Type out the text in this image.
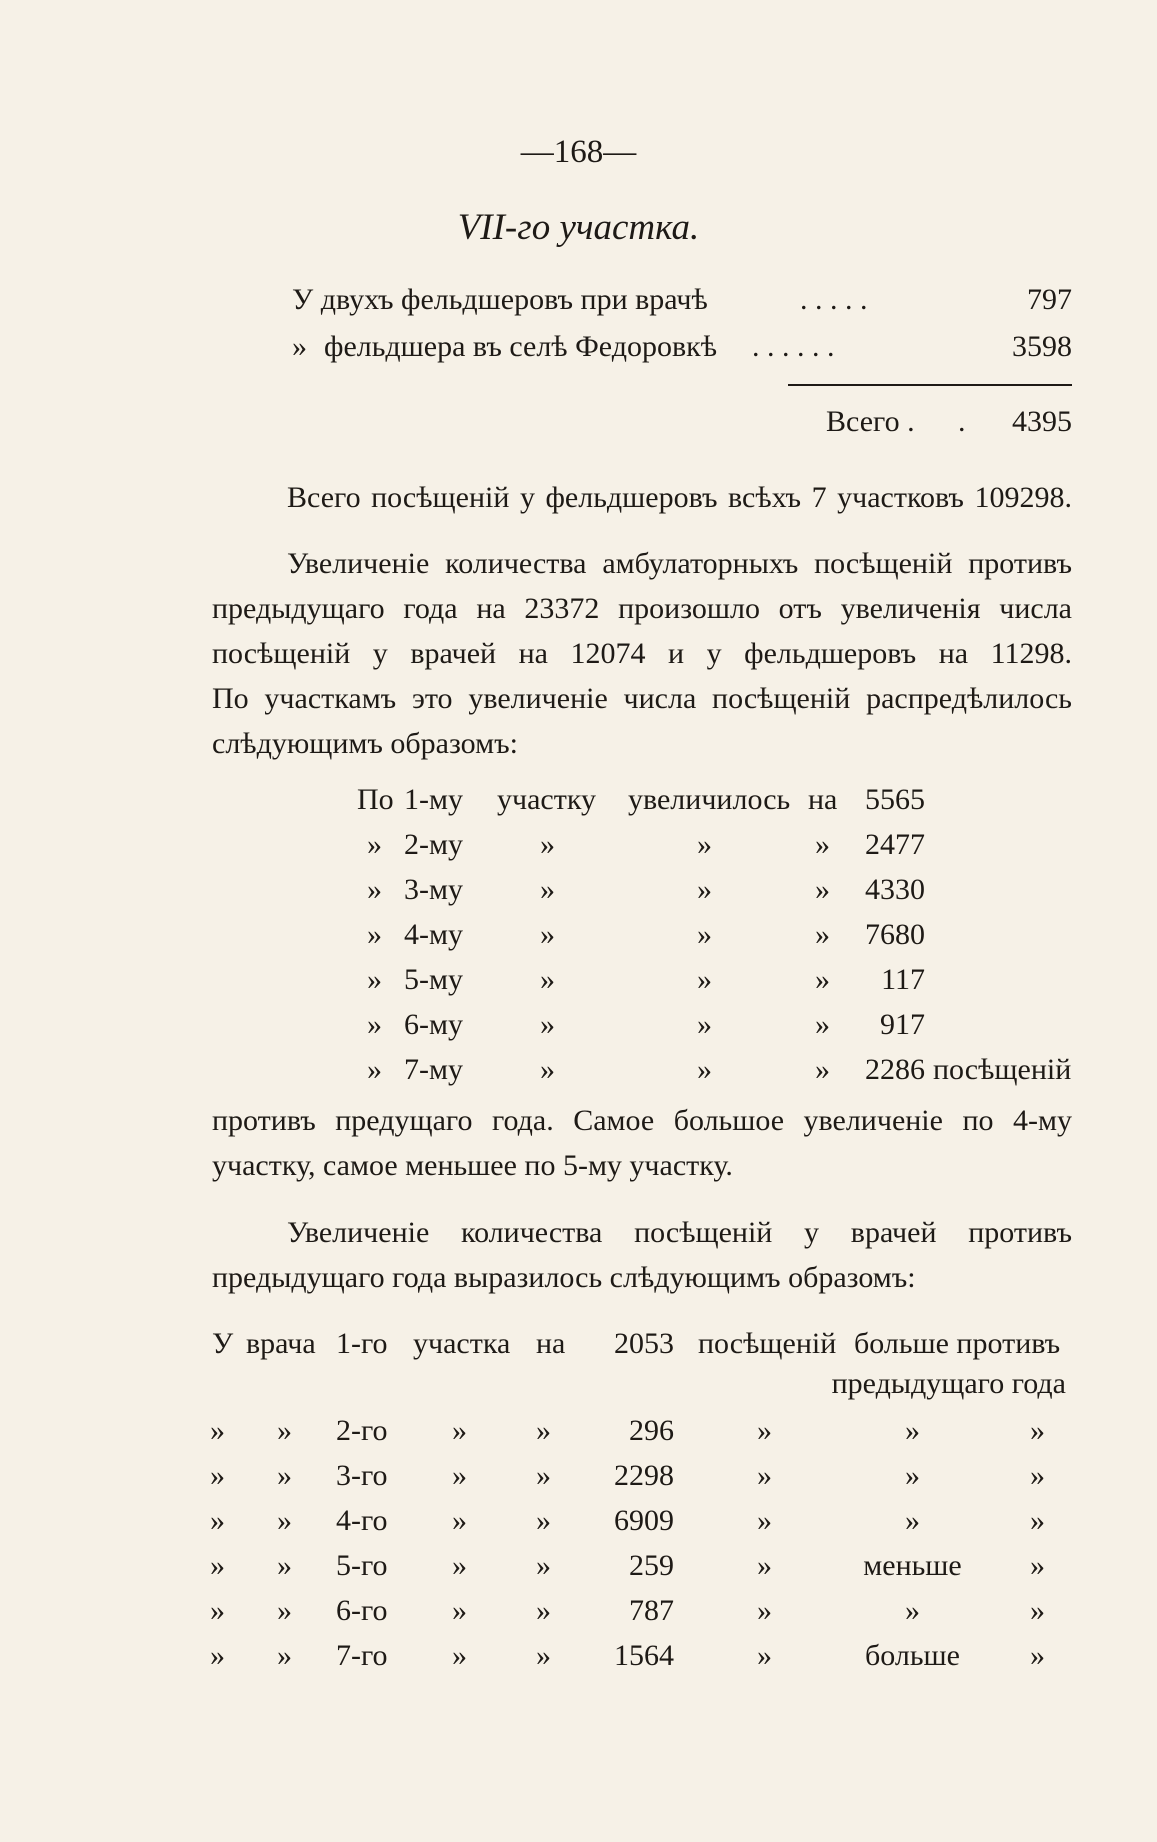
—168—
VII-го участка.
У двухъ фельдшеровъ при врачѣ	. . . . .	797
» фельдшера въ селѣ Федоровкѣ . . . . . .	3598
Всего . .	4395
Всего посѣщеній у фельдшеровъ всѣхъ 7 участковъ 109298.
Увеличеніе количества амбулаторныхъ посѣщеній противъ
предыдущаго года на 23372 произошло отъ увеличенія числа
посѣщеній у врачей на 12074 и у фельдшеровъ на 11298.
По участкамъ это увеличеніе числа посѣщеній распредѣлилось
слѣдующимъ образомъ:
По 1-му участку увеличилось на 5565
» 2-му	»	»	»	2477
» 3-му	»	»	»	4330
» 4-му	»	»	»	7680
» 5-му	»	»	»	117
» 6-му	»	»	»	917
» 7-му	»	»	»	2286 посѣщеній
противъ предущаго года. Самое большое увеличеніе по 4-му
участку, самое меньшее по 5-му участку.
Увеличеніе количества посѣщеній у врачей противъ
предыдущаго года выразилось слѣдующимъ образомъ:
У врача 1-го участка на	2053 посѣщеній больше противъ
предыдущаго года
» » 2-го » »	296	»	»	»
» » 3-го » »	2298	»	»	»
» » 4-го » »	6909	»	»	»
» » 5-го » »	259	»	меньше	»
» » 6-го » »	787	»	»	»
» » 7-го » »	1564	»	больше	»
